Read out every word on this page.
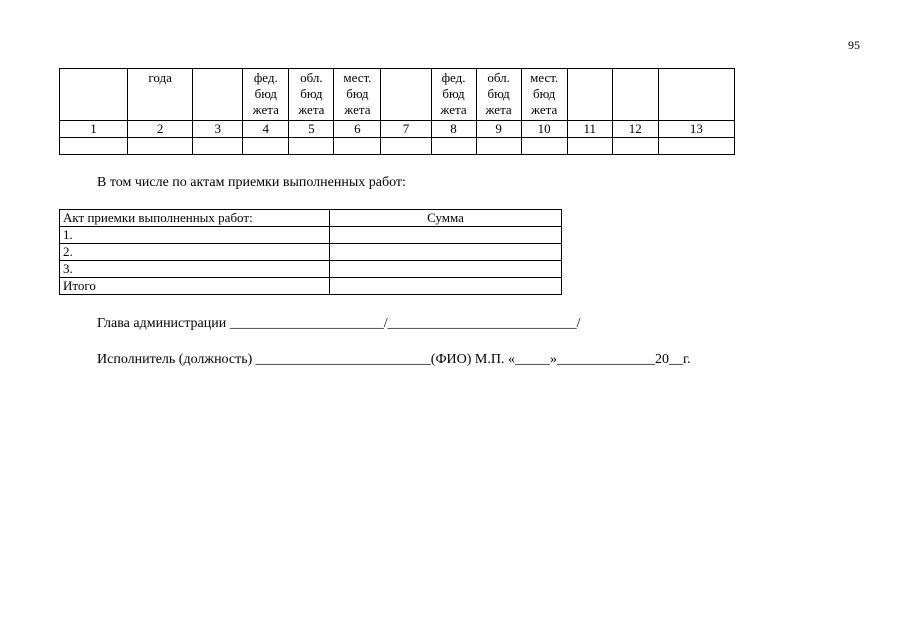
95

	года		фед.
бюд
жета	обл.
бюд
жета	мест.
бюд
жета		фед.
бюд
жета	обл.
бюд
жета	мест.
бюд
жета			

1	2	3	4	5	6	7	8	9	10	11	12	13

В том числе по актам приемки выполненных работ:
Акт приемки выполненных работ:	Сумма
1.	
2.	
3.	
Итого	
Глава администрации ______________________/___________________________/
Исполнитель (должность) _________________________(ФИО) М.П. «_____»______________20__г.
